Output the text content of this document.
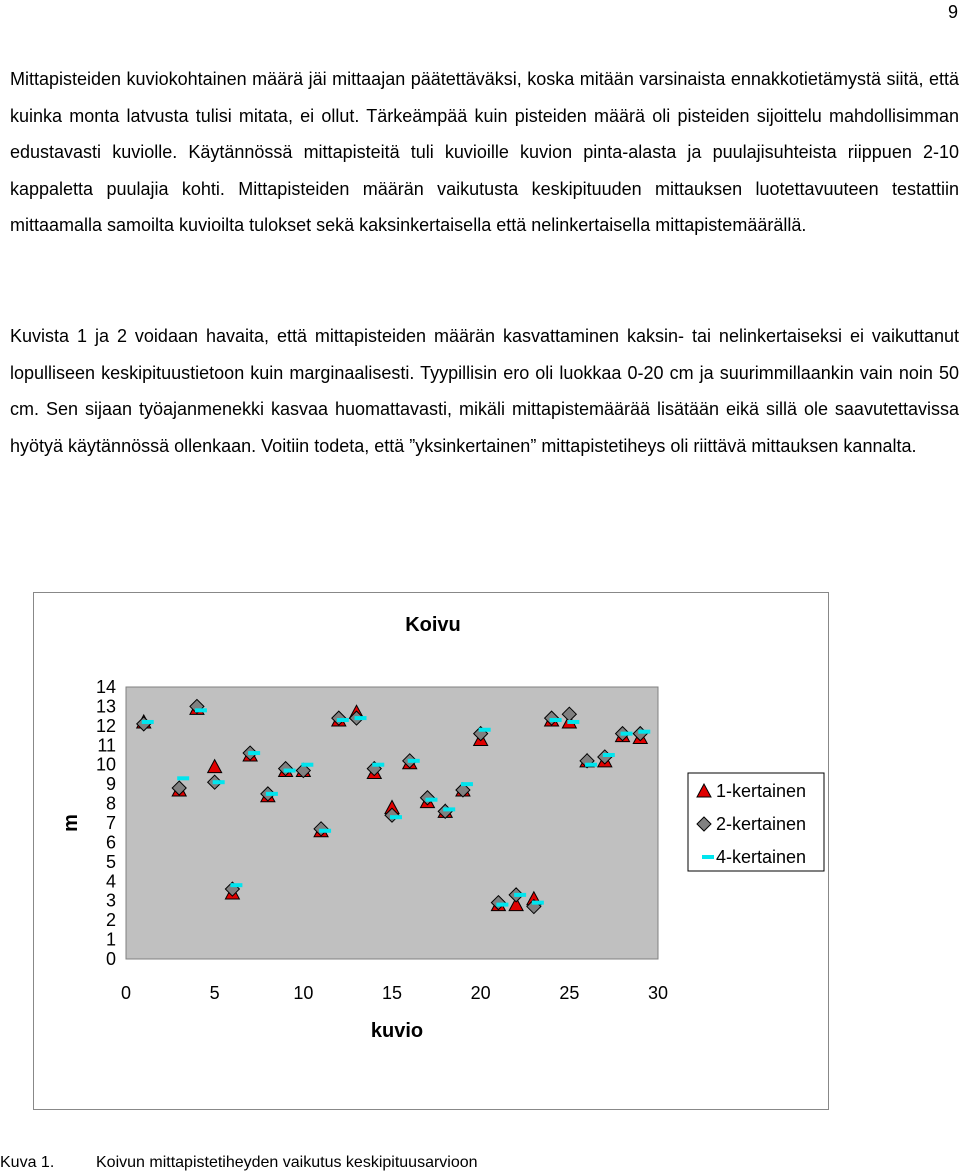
9

Mittapisteiden kuviokohtainen määrä jäi mittaajan päätettäväksi, koska mitään varsinaista ennakkotietämystä siitä, että kuinka monta latvusta tulisi mitata, ei ollut. Tärkeämpää kuin pisteiden määrä oli pisteiden sijoittelu mahdollisimman edustavasti kuviolle. Käytännössä mittapisteitä tuli kuvioille kuvion pinta-alasta ja puulajisuhteista riippuen 2-10 kappaletta puulajia kohti. Mittapisteiden määrän vaikutusta keskipituuden mittauksen luotettavuuteen testattiin mittaamalla samoilta kuvioilta tulokset sekä kaksinkertaisella että nelinkertaisella mittapistemäärällä.

Kuvista 1 ja 2 voidaan havaita, että mittapisteiden määrän kasvattaminen kaksin- tai nelinkertaiseksi ei vaikuttanut lopulliseen keskipituustietoon kuin marginaalisesti. Tyypillisin ero oli luokkaa 0-20 cm ja suurimmillaankin vain noin 50 cm. Sen sijaan työajanmenekki kasvaa huomattavasti, mikäli mittapistemäärää lisätään eikä sillä ole saavutettavissa hyötyä käytännössä ollenkaan. Voitiin todeta, että ”yksinkertainen” mittapistetiheys oli riittävä mittauksen kannalta.

Koivu
0
1
2
3
4
5
6
7
8
9
10
11
12
13
14
0	5	10	15	20	25	30
kuvio
m
1-kertainen
2-kertainen
4-kertainen
Kuva 1.	Koivun mittapistetiheyden vaikutus keskipituusarvioon
